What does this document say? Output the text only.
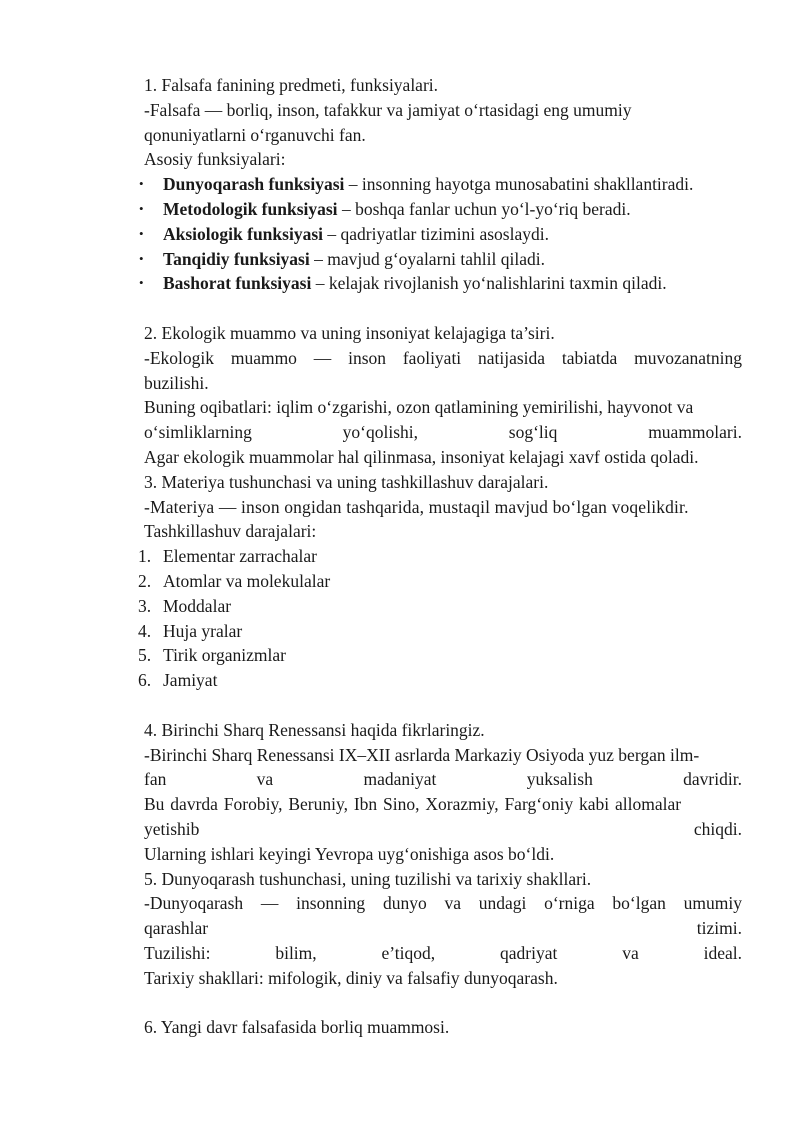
1. Falsafa fanining predmeti, funksiyalari.
-Falsafa — borliq, inson, tafakkur va jamiyat o‘rtasidagi eng umumiy
qonuniyatlarni o‘rganuvchi fan.
Asosiy funksiyalari:
• Dunyoqarash funksiyasi – insonning hayotga munosabatini shakllantiradi.
• Metodologik funksiyasi – boshqa fanlar uchun yo‘l-yo‘riq beradi.
• Aksiologik funksiyasi – qadriyatlar tizimini asoslaydi.
• Tanqidiy funksiyasi – mavjud g‘oyalarni tahlil qiladi.
• Bashorat funksiyasi – kelajak rivojlanish yo‘nalishlarini taxmin qiladi.
2. Ekologik muammo va uning insoniyat kelajagiga ta’siri.
-Ekologik muammo — inson faoliyati natijasida tabiatda muvozanatning
buzilishi.
Buning oqibatlari: iqlim o‘zgarishi, ozon qatlamining yemirilishi, hayvonot va
o‘simliklarning	yo‘qolishi,	sog‘liq	muammolari.
Agar ekologik muammolar hal qilinmasa, insoniyat kelajagi xavf ostida qoladi.
3. Materiya tushunchasi va uning tashkillashuv darajalari.
-Materiya — inson ongidan tashqarida, mustaqil mavjud bo‘lgan voqelikdir.
Tashkillashuv darajalari:
1. Elementar zarrachalar
2. Atomlar va molekulalar
3. Moddalar
4. Huja yralar
5. Tirik organizmlar
6. Jamiyat
4. Birinchi Sharq Renessansi haqida fikrlaringiz.
-Birinchi Sharq Renessansi IX–XII asrlarda Markaziy Osiyoda yuz bergan ilm-
fan	va	madaniyat	yuksalish	davridir.
Bu davrda Forobiy, Beruniy, Ibn Sino, Xorazmiy, Farg‘oniy kabi allomalar
yetishib	chiqdi.
Ularning ishlari keyingi Yevropa uyg‘onishiga asos bo‘ldi.
5. Dunyoqarash tushunchasi, uning tuzilishi va tarixiy shakllari.
-Dunyoqarash — insonning dunyo va undagi o‘rniga bo‘lgan umumiy
qarashlar	tizimi.
Tuzilishi:	bilim,	e’tiqod,	qadriyat	va	ideal.
Tarixiy shakllari: mifologik, diniy va falsafiy dunyoqarash.
6. Yangi davr falsafasida borliq muammosi.
